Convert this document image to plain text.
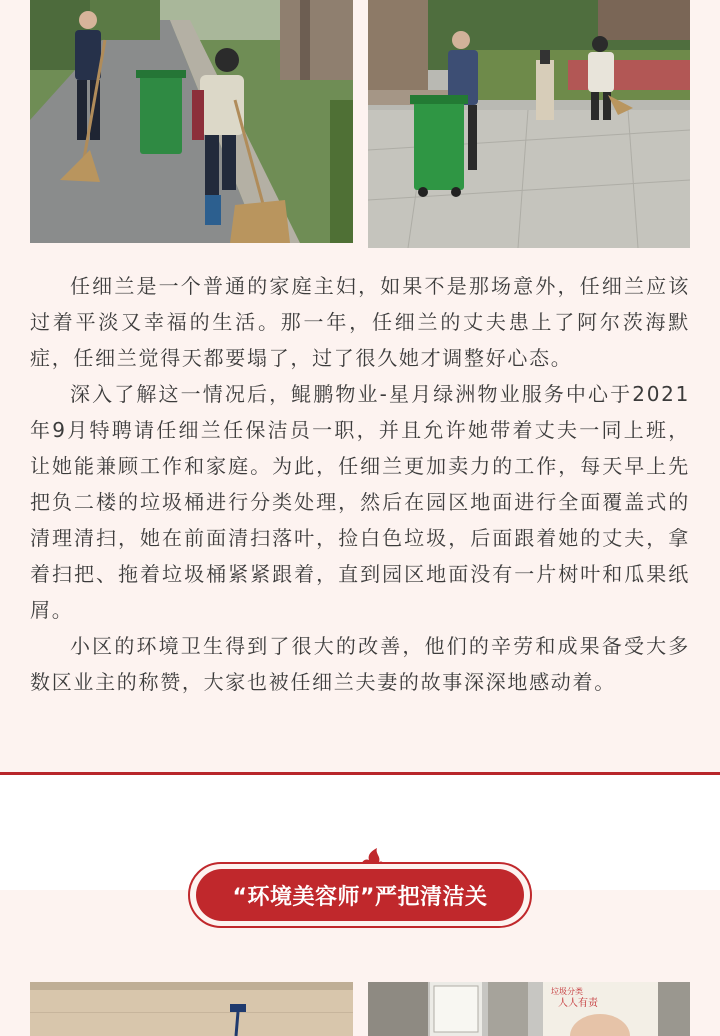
任细兰是一个普通的家庭主妇，如果不是那场意外，任细兰应该过着平淡又幸福的生活。那一年，任细兰的丈夫患上了阿尔茨海默症，任细兰觉得天都要塌了，过了很久她才调整好心态。

深入了解这一情况后，鲲鹏物业-星月绿洲物业服务中心于2021年9月特聘请任细兰任保洁员一职，并且允许她带着丈夫一同上班，让她能兼顾工作和家庭。为此，任细兰更加卖力的工作，每天早上先把负二楼的垃圾桶进行分类处理，然后在园区地面进行全面覆盖式的清理清扫，她在前面清扫落叶，捡白色垃圾，后面跟着她的丈夫，拿着扫把、拖着垃圾桶紧紧跟着，直到园区地面没有一片树叶和瓜果纸屑。

小区的环境卫生得到了很大的改善，他们的辛劳和成果备受大多数区业主的称赞，大家也被任细兰夫妻的故事深深地感动着。

“环境美容师”严把清洁关
垃圾分类
人人有责
